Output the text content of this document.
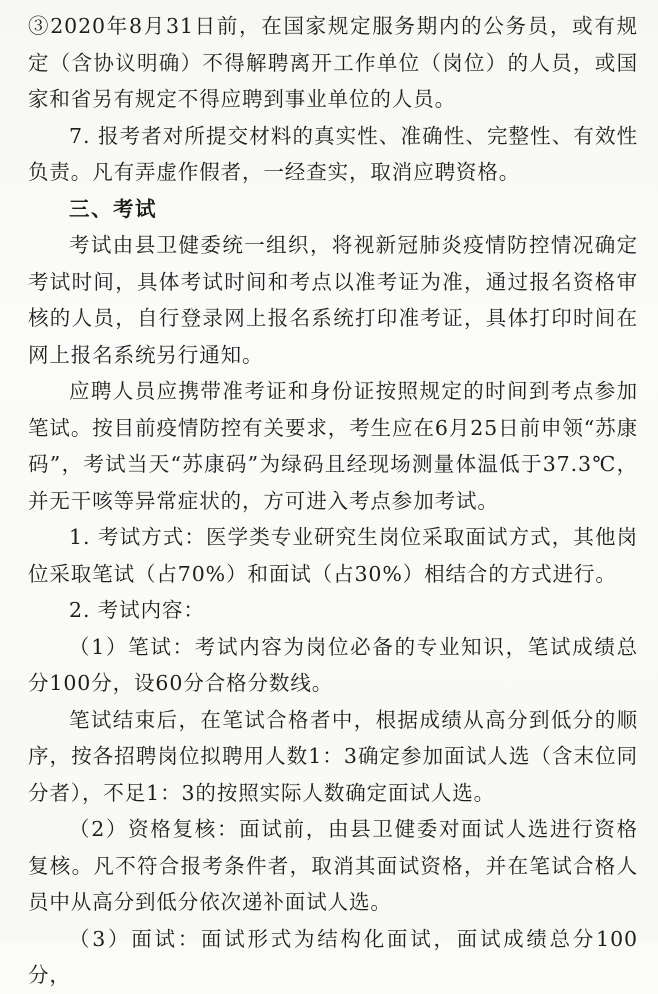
③2020年8月31日前，在国家规定服务期内的公务员，或有规定（含协议明确）不得解聘离开工作单位（岗位）的人员，或国家和省另有规定不得应聘到事业单位的人员。

7. 报考者对所提交材料的真实性、准确性、完整性、有效性负责。凡有弄虚作假者，一经查实，取消应聘资格。

三、考试

考试由县卫健委统一组织，将视新冠肺炎疫情防控情况确定考试时间，具体考试时间和考点以准考证为准，通过报名资格审核的人员，自行登录网上报名系统打印准考证，具体打印时间在网上报名系统另行通知。

应聘人员应携带准考证和身份证按照规定的时间到考点参加笔试。按目前疫情防控有关要求，考生应在6月25日前申领“苏康码”，考试当天“苏康码”为绿码且经现场测量体温低于37.3℃，并无干咳等异常症状的，方可进入考点参加考试。

1. 考试方式：医学类专业研究生岗位采取面试方式，其他岗位采取笔试（占70%）和面试（占30%）相结合的方式进行。

2. 考试内容：

（1）笔试：考试内容为岗位必备的专业知识，笔试成绩总分100分，设60分合格分数线。

笔试结束后，在笔试合格者中，根据成绩从高分到低分的顺序，按各招聘岗位拟聘用人数1：3确定参加面试人选（含末位同分者），不足1：3的按照实际人数确定面试人选。

（2）资格复核：面试前，由县卫健委对面试人选进行资格复核。凡不符合报考条件者，取消其面试资格，并在笔试合格人员中从高分到低分依次递补面试人选。

（3）面试：面试形式为结构化面试，面试成绩总分100分，
